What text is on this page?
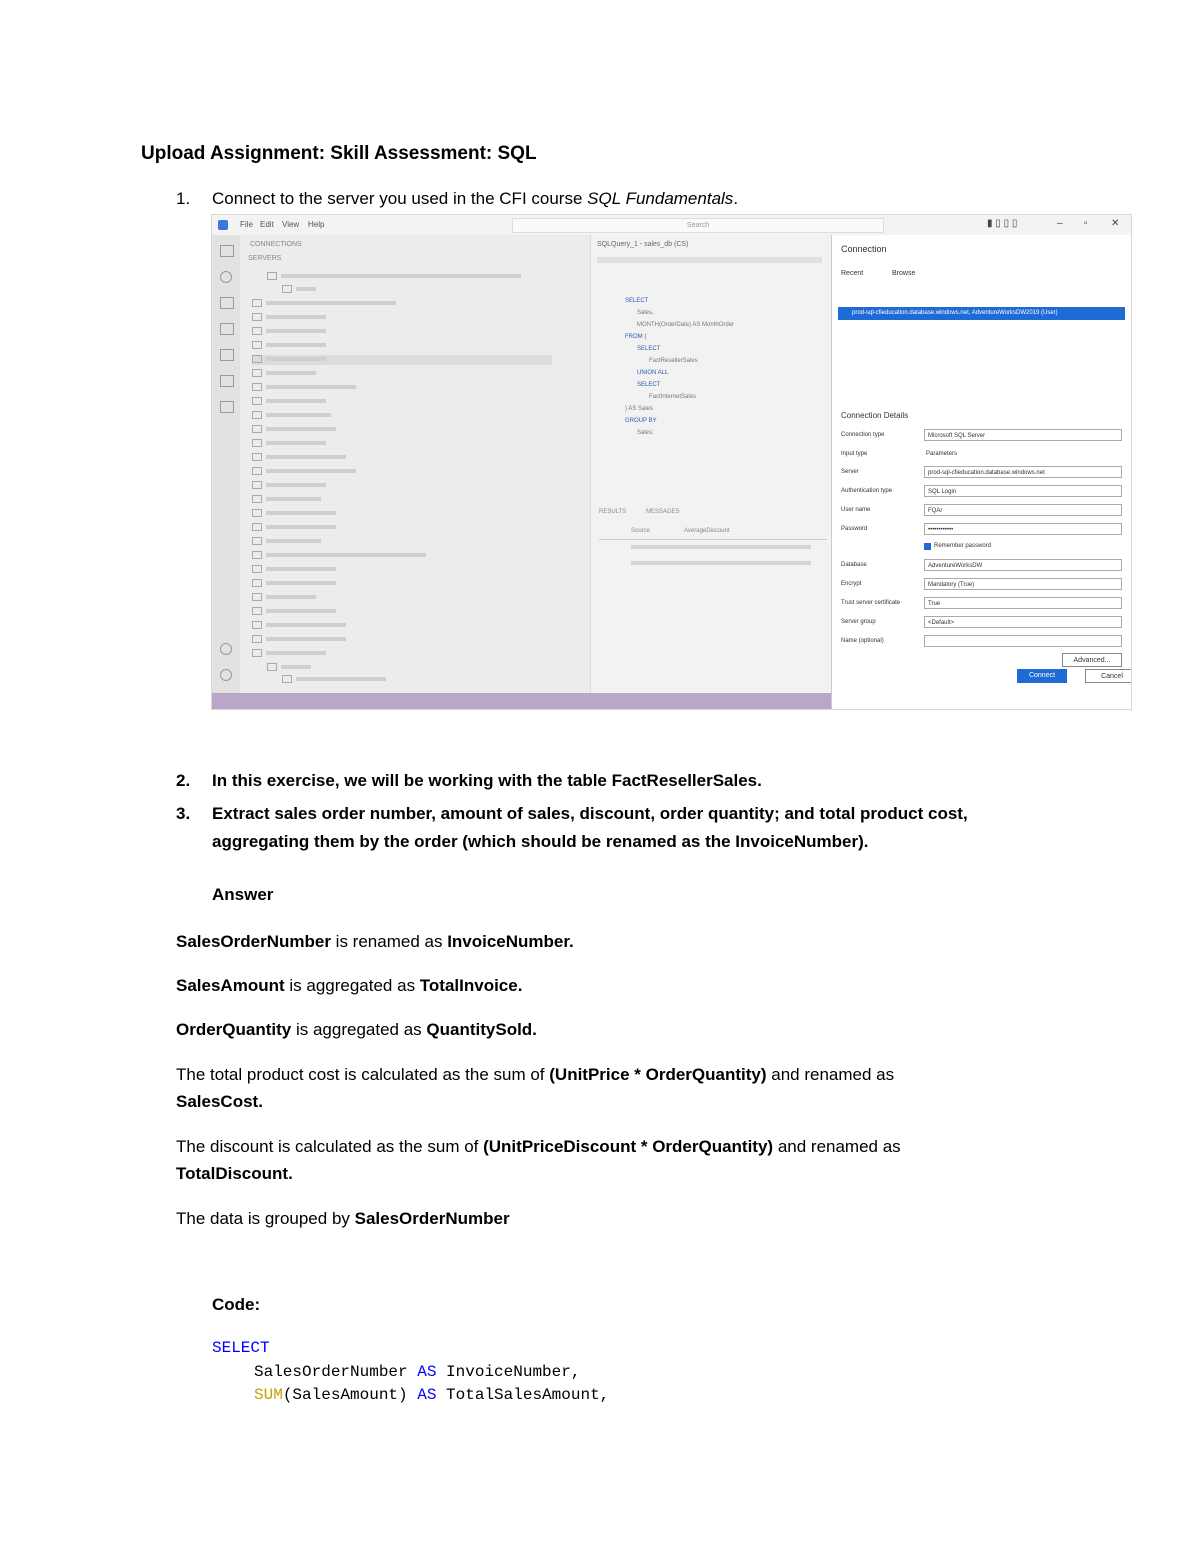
Upload Assignment: Skill Assessment: SQL
1. Connect to the server you used in the CFI course SQL Fundamentals.
File Edit View Help	Search	▮ ▯ ▯ ▯	– ▫ ✕
CONNECTIONS
SERVERS
SQLQuery_1 - sales_db (CS)
SELECT
Sales,
MONTH(OrderDate) AS MonthOrder
FROM (
SELECT
FactResellerSales
UNION ALL
SELECT
FactInternetSales
) AS Sales
GROUP BY
Sales;
RESULTS	MESSAGES
Source	AverageDiscount
Connection
Recent	Browse
prod-sql-cfieducation.database.windows.net, AdventureWorksDW2019 (User)
Connection Details
Connection type	Microsoft SQL Server
Input type	Parameters
Server	prod-sql-cfieducation.database.windows.net
Authentication type	SQL Login
User name	FQAr
Password	••••••••••••
Remember password
Database	AdventureWorksDW
Encrypt	Mandatory (True)
Trust server certificate	True
Server group	<Default>
Name (optional)
Advanced...
Connect	Cancel
2. In this exercise, we will be working with the table FactResellerSales.
3. Extract sales order number, amount of sales, discount, order quantity; and total product cost,
aggregating them by the order (which should be renamed as the InvoiceNumber).
Answer
SalesOrderNumber is renamed as InvoiceNumber.
SalesAmount is aggregated as TotalInvoice.
OrderQuantity is aggregated as QuantitySold.
The total product cost is calculated as the sum of (UnitPrice * OrderQuantity) and renamed as
SalesCost.
The discount is calculated as the sum of (UnitPriceDiscount * OrderQuantity) and renamed as
TotalDiscount.
The data is grouped by SalesOrderNumber
Code:
SELECT
SalesOrderNumber AS InvoiceNumber,
SUM(SalesAmount) AS TotalSalesAmount,
